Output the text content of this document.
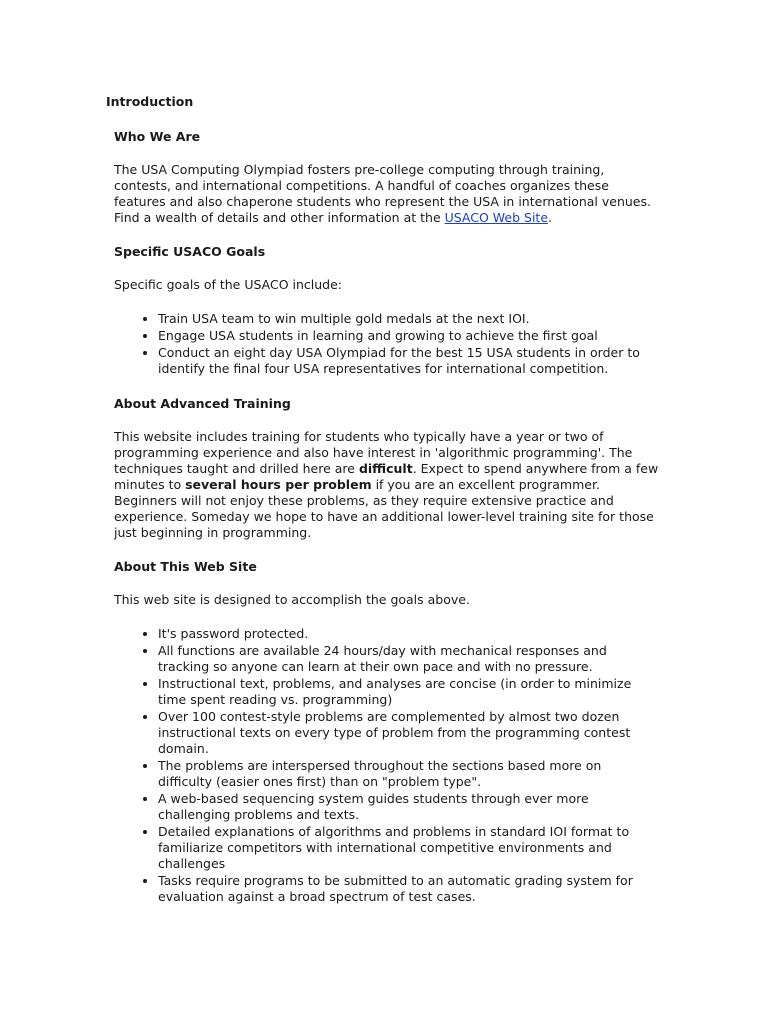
Introduction
Who We Are

The USA Computing Olympiad fosters pre-college computing through training, contests, and international competitions. A handful of coaches organizes these features and also chaperone students who represent the USA in international venues. Find a wealth of details and other information at the USACO Web Site.

Specific USACO Goals

Specific goals of the USACO include:

• Train USA team to win multiple gold medals at the next IOI.
• Engage USA students in learning and growing to achieve the first goal
• Conduct an eight day USA Olympiad for the best 15 USA students in order to identify the final four USA representatives for international competition.
About Advanced Training

This website includes training for students who typically have a year or two of programming experience and also have interest in 'algorithmic programming'. The techniques taught and drilled here are difficult. Expect to spend anywhere from a few minutes to several hours per problem if you are an excellent programmer. Beginners will not enjoy these problems, as they require extensive practice and experience. Someday we hope to have an additional lower-level training site for those just beginning in programming.

About This Web Site

This web site is designed to accomplish the goals above.

• It's password protected.
• All functions are available 24 hours/day with mechanical responses and tracking so anyone can learn at their own pace and with no pressure.
• Instructional text, problems, and analyses are concise (in order to minimize time spent reading vs. programming)
• Over 100 contest-style problems are complemented by almost two dozen instructional texts on every type of problem from the programming contest domain.
• The problems are interspersed throughout the sections based more on difficulty (easier ones first) than on "problem type".
• A web-based sequencing system guides students through ever more challenging problems and texts.
• Detailed explanations of algorithms and problems in standard IOI format to familiarize competitors with international competitive environments and challenges
• Tasks require programs to be submitted to an automatic grading system for evaluation against a broad spectrum of test cases.
